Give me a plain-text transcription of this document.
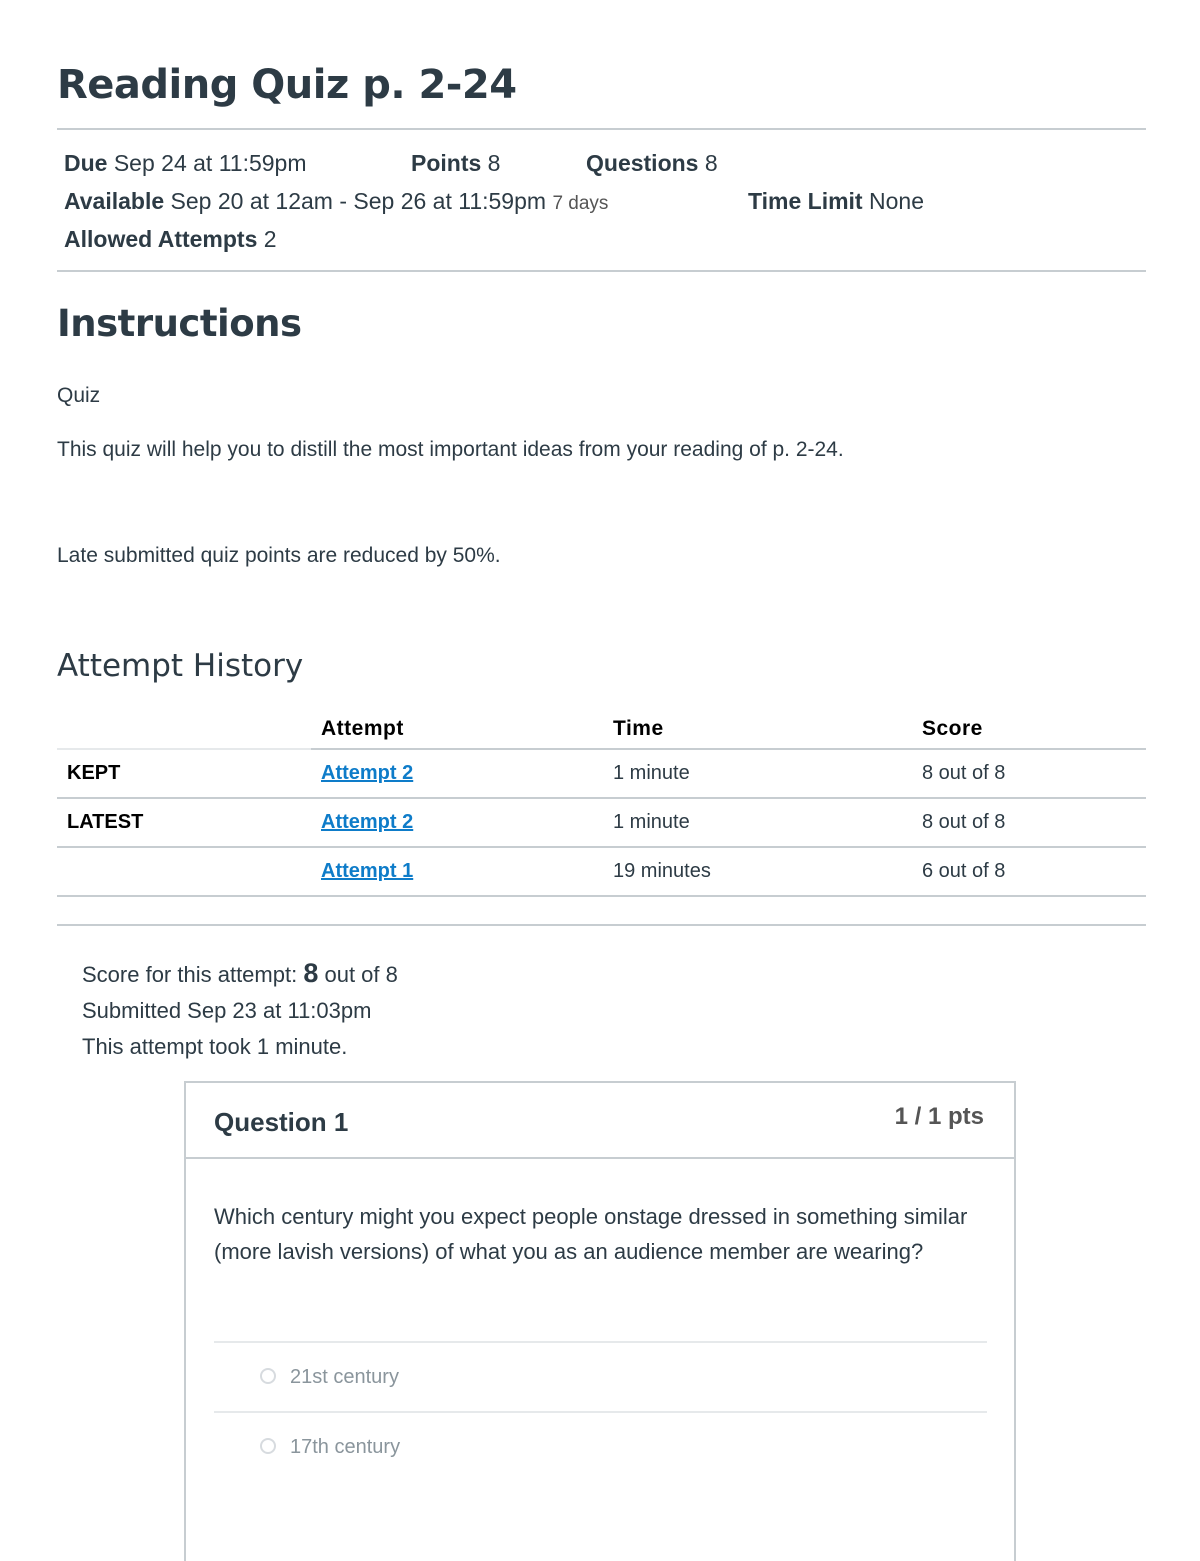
Reading Quiz p. 2-24
Due Sep 24 at 11:59pm	Points 8	Questions 8
Available Sep 20 at 12am - Sep 26 at 11:59pm 7 days	Time Limit None
Allowed Attempts 2
Instructions
Quiz
This quiz will help you to distill the most important ideas from your reading of p. 2-24.
Late submitted quiz points are reduced by 50%.
Attempt History
	Attempt	Time	Score
KEPT	Attempt 2	1 minute	8 out of 8
LATEST	Attempt 2	1 minute	8 out of 8
	Attempt 1	19 minutes	6 out of 8
Score for this attempt: 8 out of 8
Submitted Sep 23 at 11:03pm
This attempt took 1 minute.
Question 1	1 / 1 pts
Which century might you expect people onstage dressed in something similar (more lavish versions) of what you as an audience member are wearing?
21st century
17th century
